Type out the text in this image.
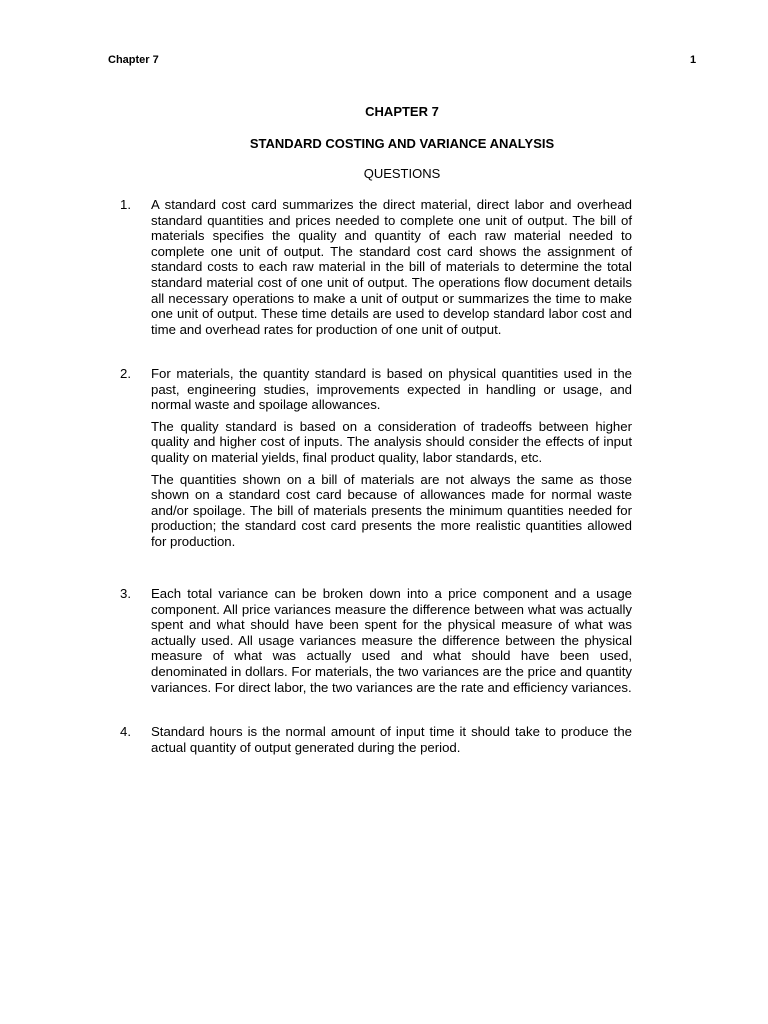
Chapter 7	1
CHAPTER 7
STANDARD COSTING AND VARIANCE ANALYSIS
QUESTIONS
1. A standard cost card summarizes the direct material, direct labor and overhead standard quantities and prices needed to complete one unit of output. The bill of materials specifies the quality and quantity of each raw material needed to complete one unit of output. The standard cost card shows the assignment of standard costs to each raw material in the bill of materials to determine the total standard material cost of one unit of output. The operations flow document details all necessary operations to make a unit of output or summarizes the time to make one unit of output. These time details are used to develop standard labor cost and time and overhead rates for production of one unit of output.

2. For materials, the quantity standard is based on physical quantities used in the past, engineering studies, improvements expected in handling or usage, and normal waste and spoilage allowances.

The quality standard is based on a consideration of tradeoffs between higher quality and higher cost of inputs. The analysis should consider the effects of input quality on material yields, final product quality, labor standards, etc.

The quantities shown on a bill of materials are not always the same as those shown on a standard cost card because of allowances made for normal waste and/or spoilage. The bill of materials presents the minimum quantities needed for production; the standard cost card presents the more realistic quantities allowed for production.

3. Each total variance can be broken down into a price component and a usage component. All price variances measure the difference between what was actually spent and what should have been spent for the physical measure of what was actually used. All usage variances measure the difference between the physical measure of what was actually used and what should have been used, denominated in dollars. For materials, the two variances are the price and quantity variances. For direct labor, the two variances are the rate and efficiency variances.

4. Standard hours is the normal amount of input time it should take to produce the actual quantity of output generated during the period.
